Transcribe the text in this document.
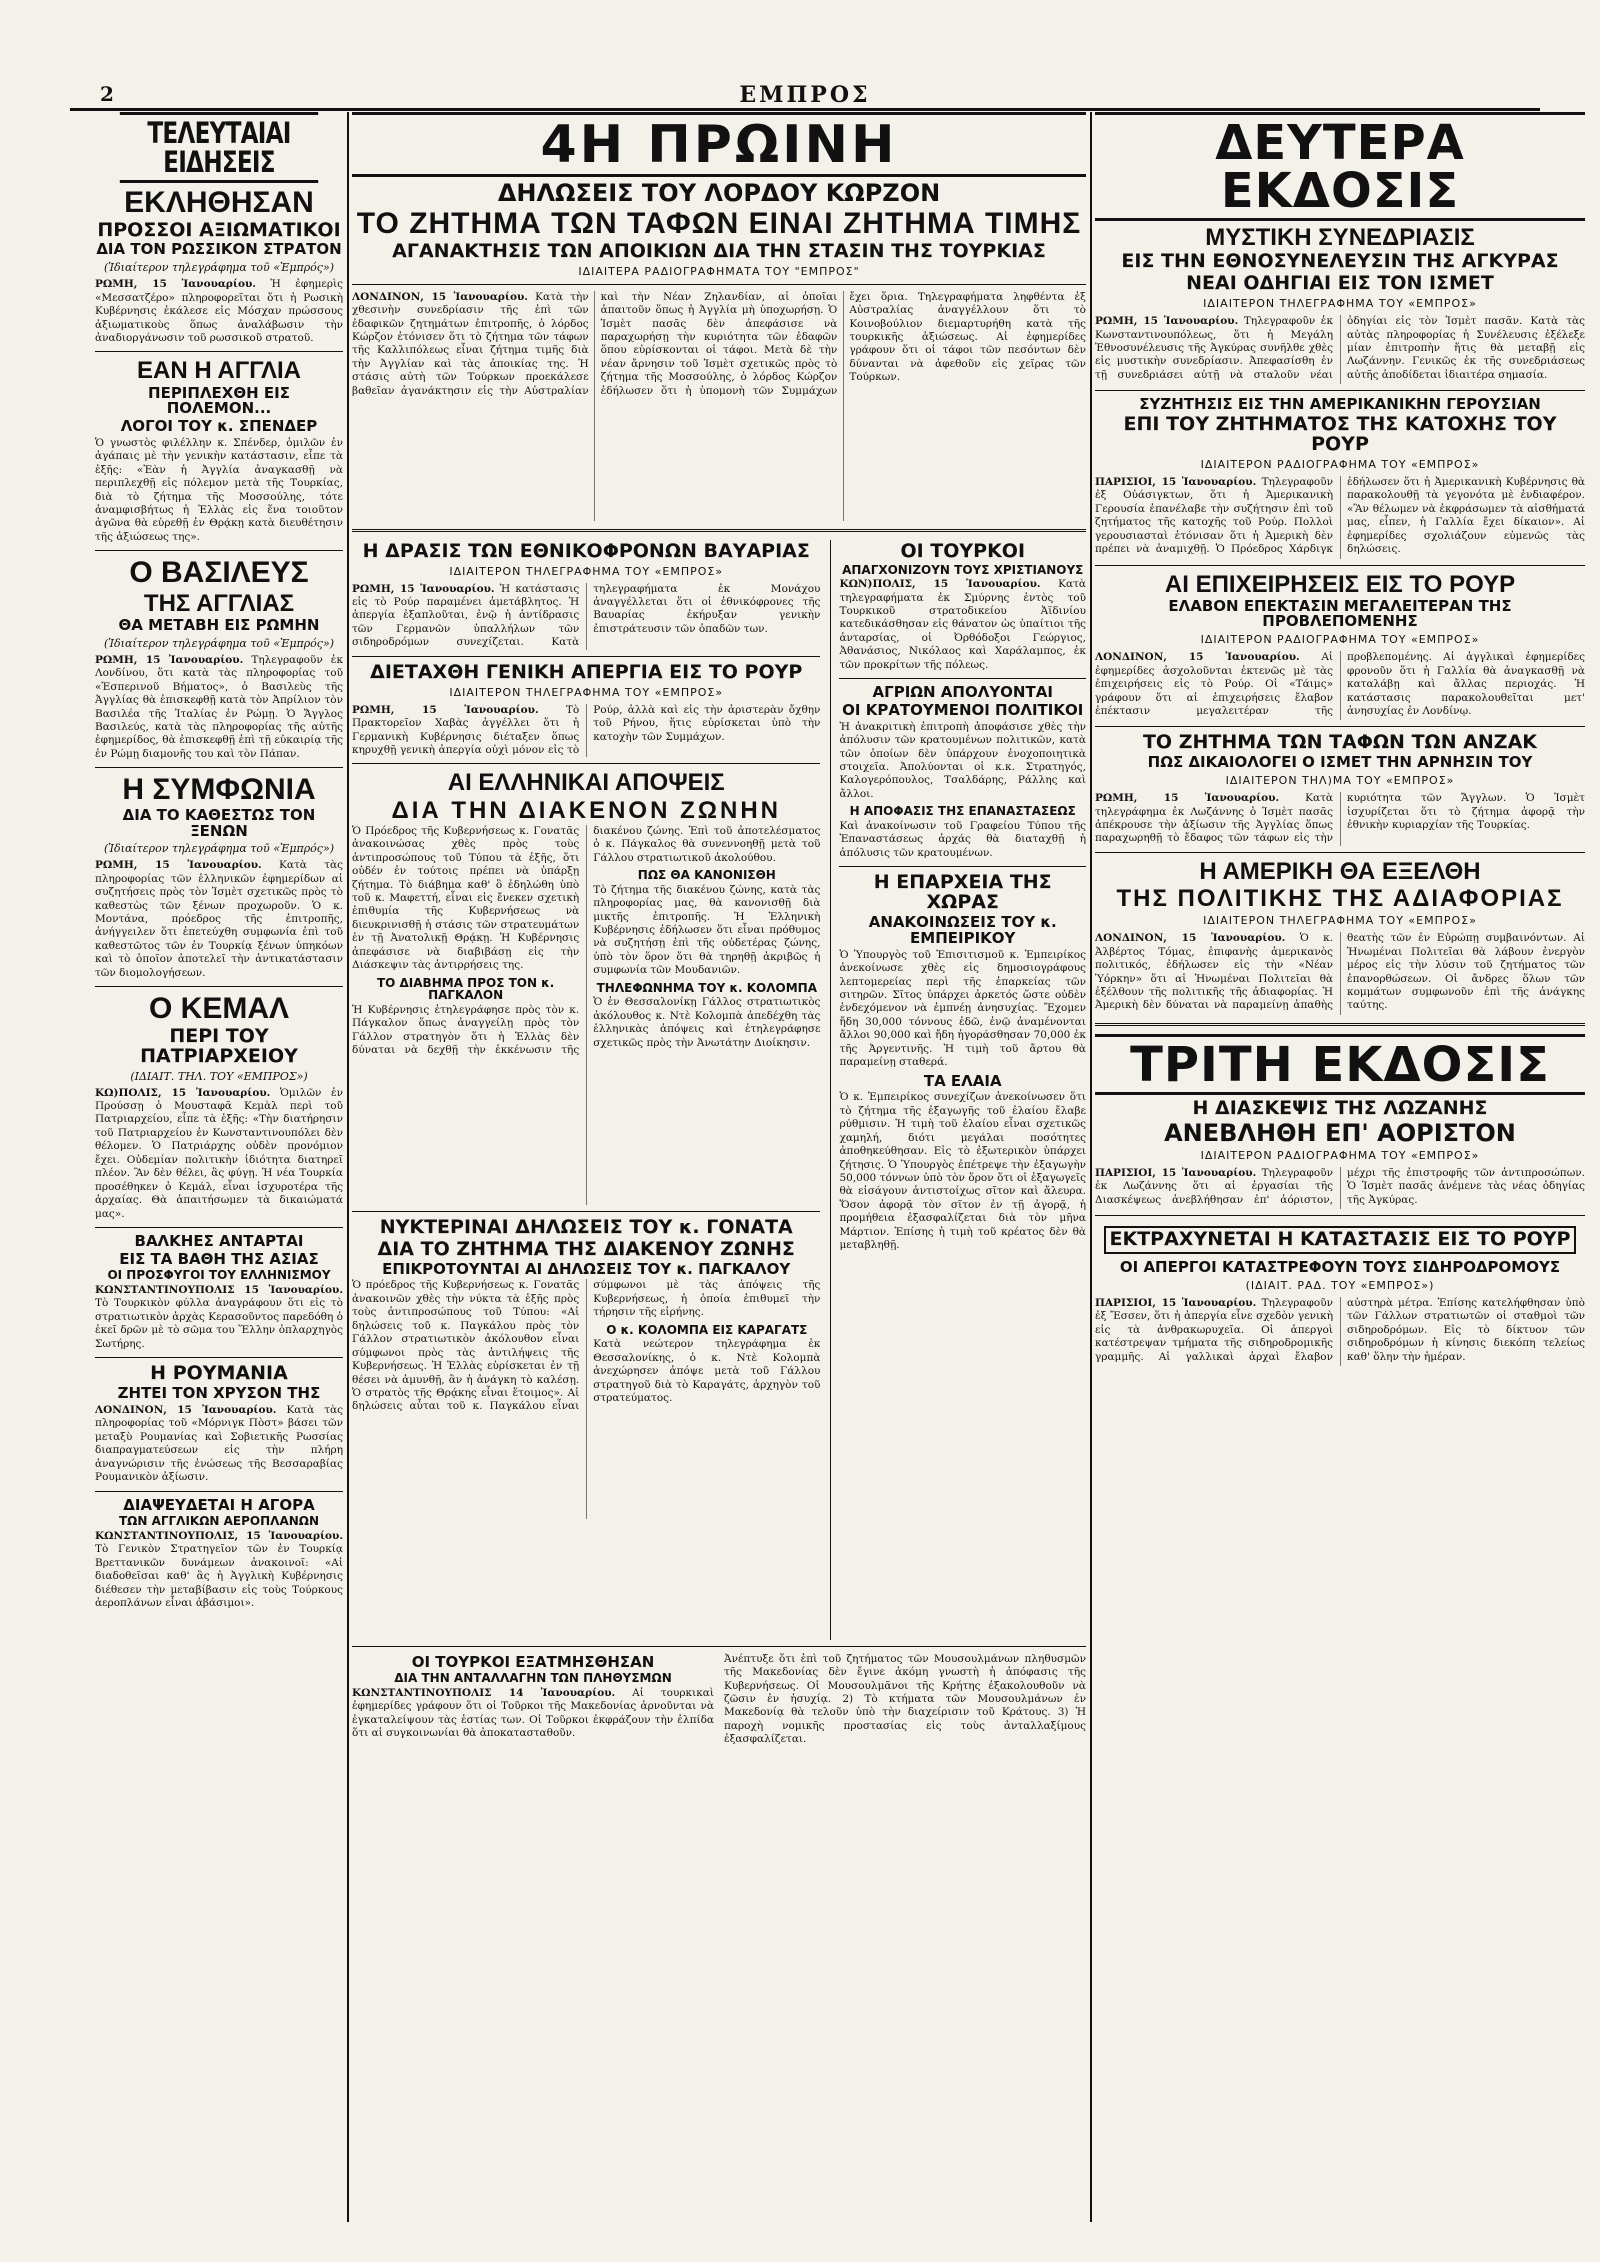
2	ΕΜΠΡΟΣ
ΤΕΛΕΥΤΑΙΑΙ ΕΙΔΗΣΕΙΣ
ΕΚΛΗΘΗΣΑΝ
ΠΡΟΣΣΟΙ ΑΞΙΩΜΑΤΙΚΟΙ
ΔΙΑ ΤΟΝ ΡΩΣΣΙΚΟΝ ΣΤΡΑΤΟΝ
(Ἰδιαίτερον τηλεγράφημα τοῦ «Ἐμπρός»)

ΡΩΜΗ, 15 Ἰανουαρίου. Ἡ ἐφημερὶς «Μεσσατζέρο» πληροφορεῖται ὅτι ἡ Ρωσικὴ Κυβέρνησις ἐκάλεσε εἰς Μόσχαν πρώσσους ἀξιωματικοὺς ὅπως ἀναλάβωσιν τὴν ἀναδιοργάνωσιν τοῦ ρωσσικοῦ στρατοῦ.

ΕΑΝ Η ΑΓΓΛΙΑ
ΠΕΡΙΠΛΕΧΘΗ ΕΙΣ ΠΟΛΕΜΟΝ...
ΛΟΓΟΙ ΤΟΥ κ. ΣΠΕΝΔΕΡ

Ὁ γνωστὸς φιλέλλην κ. Σπένδερ, ὁμιλῶν ἐν ἀγάπαις μὲ τὴν γενικὴν κατάστασιν, εἶπε τὰ ἑξῆς: «Ἐὰν ἡ Ἀγγλία ἀναγκασθῇ νὰ περιπλεχθῇ εἰς πόλεμον μετὰ τῆς Τουρκίας, διὰ τὸ ζήτημα τῆς Μοσσούλης, τότε ἀναμφισβήτως ἡ Ἑλλὰς εἰς ἕνα τοιοῦτον ἀγῶνα θὰ εὑρεθῇ ἐν Θρᾴκῃ κατὰ διευθέτησιν τῆς ἀξιώσεως της».

Ο ΒΑΣΙΛΕΥΣ
ΤΗΣ ΑΓΓΛΙΑΣ
ΘΑ ΜΕΤΑΒΗ ΕΙΣ ΡΩΜΗΝ
(Ἰδιαίτερον τηλεγράφημα τοῦ «Ἐμπρός»)

ΡΩΜΗ, 15 Ἰανουαρίου. Τηλεγραφοῦν ἐκ Λονδίνου, ὅτι κατὰ τὰς πληροφορίας τοῦ «Ἐσπερινοῦ Βήματος», ὁ Βασιλεὺς τῆς Ἀγγλίας θὰ ἐπισκεφθῇ κατὰ τὸν Ἀπρίλιον τὸν Βασιλέα τῆς Ἰταλίας ἐν Ρώμῃ. Ὁ Ἄγγλος Βασιλεύς, κατὰ τὰς πληροφορίας τῆς αὐτῆς ἐφημερίδος, θὰ ἐπισκεφθῇ ἐπὶ τῇ εὐκαιρίᾳ τῆς ἐν Ρώμῃ διαμονῆς του καὶ τὸν Πάπαν.

Η ΣΥΜΦΩΝΙΑ
ΔΙΑ ΤΟ ΚΑΘΕΣΤΩΣ ΤΟΝ ΞΕΝΩΝ
(Ἰδιαίτερον τηλεγράφημα τοῦ «Ἐμπρός»)

ΡΩΜΗ, 15 Ἰανουαρίου. Κατὰ τὰς πληροφορίας τῶν ἑλληνικῶν ἐφημερίδων αἱ συζητήσεις πρὸς τὸν Ἰσμὲτ σχετικῶς πρὸς τὸ καθεστὼς τῶν ξένων προχωροῦν. Ὁ κ. Μοντάνα, πρόεδρος τῆς ἐπιτροπῆς, ἀνήγγειλεν ὅτι ἐπετεύχθη συμφωνία ἐπὶ τοῦ καθεστῶτος τῶν ἐν Τουρκίᾳ ξένων ὑπηκόων καὶ τὸ ὁποῖον ἀποτελεῖ τὴν ἀντικατάστασιν τῶν διομολογήσεων.

Ο ΚΕΜΑΛ
ΠΕΡΙ ΤΟΥ ΠΑΤΡΙΑΡΧΕΙΟΥ
(ΙΔΙΑΙΤ. ΤΗΛ. ΤΟΥ «ΕΜΠΡΟΣ»)

ΚΩ)ΠΟΛΙΣ, 15 Ἰανουαρίου. Ὁμιλῶν ἐν Προύσσῃ ὁ Μουσταφᾶ Κεμὰλ περὶ τοῦ Πατριαρχείου, εἶπε τὰ ἑξῆς: «Τὴν διατήρησιν τοῦ Πατριαρχείου ἐν Κωνσταντινουπόλει δὲν θέλομεν. Ὁ Πατριάρχης οὐδὲν προνόμιον ἔχει. Οὐδεμίαν πολιτικὴν ἰδιότητα διατηρεῖ πλέον. Ἂν δὲν θέλει, ἃς φύγῃ. Ἡ νέα Τουρκία προσέθηκεν ὁ Κεμάλ, εἶναι ἰσχυροτέρα τῆς ἀρχαίας. Θὰ ἀπαιτήσωμεν τὰ δικαιώματά μας».

ΒΑΛΚΗΕΣ ΑΝΤΑΡΤΑΙ
ΕΙΣ ΤΑ ΒΑΘΗ ΤΗΣ ΑΣΙΑΣ
ΟΙ ΠΡΟΣΦΥΓΟΙ ΤΟΥ ΕΛΛΗΝΙΣΜΟΥ

ΚΩΝΣΤΑΝΤΙΝΟΥΠΟΛΙΣ 15 Ἰανουαρίου. Τὸ Τουρκικὸν φύλλα ἀναγράφουν ὅτι εἰς τὸ στρατιωτικὸν ἀρχὰς Κερασοῦντος παρεδόθη ὁ ἐκεῖ δρῶν μὲ τὸ σῶμα του Ἕλλην ὁπλαρχηγὸς Σωτήρης.

Η ΡΟΥΜΑΝΙΑ
ΖΗΤΕΙ ΤΟΝ ΧΡΥΣΟΝ ΤΗΣ

ΛΟΝΔΙΝΟΝ, 15 Ἰανουαρίου. Κατὰ τὰς πληροφορίας τοῦ «Μόρνιγκ Πὸστ» βάσει τῶν μεταξὺ Ρουμανίας καὶ Σοβιετικῆς Ρωσσίας διαπραγματεύσεων εἰς τὴν πλήρη ἀναγνώρισιν τῆς ἐνώσεως τῆς Βεσσαραβίας Ρουμανικὸν ἀξίωσιν.

ΔΙΑΨΕΥΔΕΤΑΙ Η ΑΓΟΡΑ
ΤΩΝ ΑΓΓΛΙΚΩΝ ΑΕΡΟΠΛΑΝΩΝ

ΚΩΝΣΤΑΝΤΙΝΟΥΠΟΛΙΣ, 15 Ἰανουαρίου. Τὸ Γενικὸν Στρατηγεῖον τῶν ἐν Τουρκίᾳ Βρεττανικῶν δυνάμεων ἀνακοινοῖ: «Αἱ διαδοθεῖσαι καθ' ἃς ἡ Ἀγγλικὴ Κυβέρνησις διέθεσεν τὴν μεταβίβασιν εἰς τοὺς Τούρκους ἀεροπλάνων εἶναι ἀβάσιμοι».

4Η ΠΡΩΙΝΗ
ΔΗΛΩΣΕΙΣ ΤΟΥ ΛΟΡΔΟΥ ΚΩΡΖΟΝ
ΤΟ ΖΗΤΗΜΑ ΤΩΝ ΤΑΦΩΝ ΕΙΝΑΙ ΖΗΤΗΜΑ ΤΙΜΗΣ
ΑΓΑΝΑΚΤΗΣΙΣ ΤΩΝ ΑΠΟΙΚΙΩΝ ΔΙΑ ΤΗΝ ΣΤΑΣΙΝ ΤΗΣ ΤΟΥΡΚΙΑΣ
ΙΔΙΑΙΤΕΡΑ ΡΑΔΙΟΓΡΑΦΗΜΑΤΑ ΤΟΥ "ΕΜΠΡΟΣ"

ΛΟΝΔΙΝΟΝ, 15 Ἰανουαρίου. Κατὰ τὴν χθεσινὴν συνεδρίασιν τῆς ἐπὶ τῶν ἐδαφικῶν ζητημάτων ἐπιτροπῆς, ὁ λόρδος Κώρζον ἐτόνισεν ὅτι τὸ ζήτημα τῶν τάφων τῆς Καλλιπόλεως εἶναι ζήτημα τιμῆς διὰ τὴν Ἀγγλίαν καὶ τὰς ἀποικίας της. Ἡ στάσις αὐτὴ τῶν Τούρκων προεκάλεσε βαθεῖαν ἀγανάκτησιν εἰς τὴν Αὐστραλίαν καὶ τὴν Νέαν Ζηλανδίαν, αἱ ὁποῖαι ἀπαιτοῦν ὅπως ἡ Ἀγγλία μὴ ὑποχωρήσῃ. Ὁ Ἰσμὲτ πασᾶς δὲν ἀπεφάσισε νὰ παραχωρήσῃ τὴν κυριότητα τῶν ἐδαφῶν ὅπου εὑρίσκονται οἱ τάφοι. Μετὰ δὲ τὴν νέαν ἄρνησιν τοῦ Ἰσμὲτ σχετικῶς πρὸς τὸ ζήτημα τῆς Μοσσούλης, ὁ λόρδος Κώρζον ἐδήλωσεν ὅτι ἡ ὑπομονὴ τῶν Συμμάχων ἔχει ὅρια. Τηλεγραφήματα ληφθέντα ἐξ Αὐστραλίας ἀναγγέλλουν ὅτι τὸ Κοινοβούλιον διεμαρτυρήθη κατὰ τῆς τουρκικῆς ἀξιώσεως. Αἱ ἐφημερίδες γράφουν ὅτι οἱ τάφοι τῶν πεσόντων δὲν δύνανται νὰ ἀφεθοῦν εἰς χεῖρας τῶν Τούρκων.

Η ΔΡΑΣΙΣ ΤΩΝ ΕΘΝΙΚΟΦΡΟΝΩΝ ΒΑΥΑΡΙΑΣ
ΙΔΙΑΙΤΕΡΟΝ ΤΗΛΕΓΡΑΦΗΜΑ ΤΟΥ «ΕΜΠΡΟΣ»

ΡΩΜΗ, 15 Ἰανουαρίου. Ἡ κατάστασις εἰς τὸ Ρούρ παραμένει ἀμετάβλητος. Ἡ ἀπεργία ἐξαπλοῦται, ἐνῷ ἡ ἀντίδρασις τῶν Γερμανῶν ὑπαλλήλων τῶν σιδηροδρόμων συνεχίζεται. Κατὰ τηλεγραφήματα ἐκ Μονάχου ἀναγγέλλεται ὅτι οἱ ἐθνικόφρονες τῆς Βαυαρίας ἐκήρυξαν γενικὴν ἐπιστράτευσιν τῶν ὀπαδῶν των.

ΔΙΕΤΑΧΘΗ ΓΕΝΙΚΗ ΑΠΕΡΓΙΑ ΕΙΣ ΤΟ ΡΟΥΡ
ΙΔΙΑΙΤΕΡΟΝ ΤΗΛΕΓΡΑΦΗΜΑ ΤΟΥ «ΕΜΠΡΟΣ»

ΡΩΜΗ, 15 Ἰανουαρίου.	Τὸ Πρακτορεῖον Χαβὰς ἀγγέλλει ὅτι ἡ Γερμανικὴ Κυβέρνησις διέταξεν ὅπως κηρυχθῇ γενικὴ ἀπεργία οὐχὶ μόνον εἰς τὸ Ρούρ, ἀλλὰ καὶ εἰς τὴν ἀριστερὰν ὄχθην τοῦ Ρήνου, ἥτις εὑρίσκεται ὑπὸ τὴν κατοχὴν τῶν Συμμάχων.

ΑΙ ΕΛΛΗΝΙΚΑΙ ΑΠΟΨΕΙΣ
ΔΙΑ ΤΗΝ ΔΙΑΚΕΝΟΝ ΖΩΝΗΝ

Ὁ Πρόεδρος τῆς Κυβερνήσεως κ. Γονατᾶς ἀνακοινώσας χθὲς πρὸς τοὺς ἀντιπροσώπους τοῦ Τύπου τὰ ἐξῆς, ὅτι οὐδέν ἐν τούτοις πρέπει νὰ ὑπάρξῃ ζήτημα. Τὸ διάβημα καθ' ὃ ἐδηλώθη ὑπὸ τοῦ κ. Μαφεττή, εἶναι εἰς ἔνεκεν σχετικὴ ἐπιθυμία τῆς Κυβερνήσεως νὰ διευκρινισθῇ ἡ στάσις τῶν στρατευμάτων ἐν τῇ Ἀνατολικῇ Θρᾴκῃ. Ἡ Κυβέρνησις ἀπεφάσισε νὰ διαβιβάσῃ εἰς τὴν Διάσκεψιν τὰς ἀντιρρήσεις της.

ΤΟ ΔΙΑΒΗΜΑ ΠΡΟΣ ΤΟΝ κ. ΠΑΓΚΑΛΟΝ

Ἡ Κυβέρνησις ἐτηλεγράφησε πρὸς τὸν κ. Πάγκαλον ὅπως ἀναγγείλῃ πρὸς τὸν Γάλλον στρατηγὸν ὅτι ἡ Ἑλλὰς δὲν δύναται νὰ δεχθῇ τὴν ἐκκένωσιν τῆς διακένου ζώνης. Ἐπὶ τοῦ ἀποτελέσματος ὁ κ. Πάγκαλος θὰ συνεννοηθῇ μετὰ τοῦ Γάλλου στρατιωτικοῦ ἀκολούθου.

ΠΩΣ ΘΑ ΚΑΝΟΝΙΣΘΗ

Τὸ ζήτημα τῆς διακένου ζώνης, κατὰ τὰς πληροφορίας μας, θὰ κανονισθῇ διὰ μικτῆς ἐπιτροπῆς. Ἡ Ἑλληνικὴ Κυβέρνησις ἐδήλωσεν ὅτι εἶναι πρόθυμος νὰ συζητήσῃ ἐπὶ τῆς οὐδετέρας ζώνης, ὑπὸ τὸν ὅρον ὅτι θὰ τηρηθῇ ἀκριβῶς ἡ συμφωνία τῶν Μουδανιῶν.

ΤΗΛΕΦΩΝΗΜΑ ΤΟΥ κ. ΚΟΛΟΜΠΑ

Ὁ ἐν Θεσσαλονίκῃ Γάλλος στρατιωτικὸς ἀκόλουθος κ. Ντὲ Κολομπὰ ἀπεδέχθη τὰς ἑλληνικὰς ἀπόψεις καὶ ἐτηλεγράφησε σχετικῶς πρὸς τὴν Ἀνωτάτην Διοίκησιν.

ΝΥΚΤΕΡΙΝΑΙ ΔΗΛΩΣΕΙΣ ΤΟΥ κ. ΓΟΝΑΤΑ
ΔΙΑ ΤΟ ΖΗΤΗΜΑ ΤΗΣ ΔΙΑΚΕΝΟΥ ΖΩΝΗΣ
ΕΠΙΚΡΟΤΟΥΝΤΑΙ ΑΙ ΔΗΛΩΣΕΙΣ ΤΟΥ κ. ΠΑΓΚΑΛΟΥ

Ὁ πρόεδρος τῆς Κυβερνήσεως κ. Γονατᾶς ἀνακοινῶν χθὲς τὴν νύκτα τὰ ἑξῆς πρὸς τοὺς ἀντιπροσώπους τοῦ Τύπου: «Αἱ δηλώσεις τοῦ κ. Παγκάλου πρὸς τὸν Γάλλον στρατιωτικὸν ἀκόλουθον εἶναι σύμφωνοι πρὸς τὰς ἀντιλήψεις τῆς Κυβερνήσεως. Ἡ Ἑλλὰς εὑρίσκεται ἐν τῇ θέσει νὰ ἀμυνθῇ, ἂν ἡ ἀνάγκη τὸ καλέσῃ. Ὁ στρατὸς τῆς Θρᾴκης εἶναι ἕτοιμος». Αἱ δηλώσεις αὗται τοῦ κ. Παγκάλου εἶναι σύμφωνοι μὲ τὰς ἀπόψεις τῆς Κυβερνήσεως, ἡ ὁποία ἐπιθυμεῖ τὴν τήρησιν τῆς εἰρήνης.

Ο κ. ΚΟΛΟΜΠΑ ΕΙΣ ΚΑΡΑΓΑΤΣ

Κατὰ νεώτερον τηλεγράφημα ἐκ Θεσσαλονίκης, ὁ κ. Ντὲ Κολομπὰ ἀνεχώρησεν ἀπόψε μετὰ τοῦ Γάλλου στρατηγοῦ διὰ τὸ Καραγάτς, ἀρχηγὸν τοῦ στρατεύματος.

ΟΙ ΤΟΥΡΚΟΙ
ΑΠΑΓΧΟΝΙΖΟΥΝ ΤΟΥΣ ΧΡΙΣΤΙΑΝΟΥΣ

ΚΩΝ)ΠΟΛΙΣ, 15 Ἰανουαρίου. Κατὰ τηλεγραφήματα ἐκ Σμύρνης ἐντὸς τοῦ Τουρκικοῦ στρατοδικείου Ἀϊδινίου κατεδικάσθησαν εἰς θάνατον ὡς ὑπαίτιοι τῆς ἀνταρσίας, οἱ Ὀρθόδοξοι Γεώργιος, Ἀθανάσιος, Νικόλαος καὶ Χαράλαμπος, ἐκ τῶν προκρίτων τῆς πόλεως.

ΑΓΡΙΩΝ ΑΠΟΛΥΟΝΤΑΙ
ΟΙ ΚΡΑΤΟΥΜΕΝΟΙ ΠΟΛΙΤΙΚΟΙ

Ἡ ἀνακριτικὴ ἐπιτροπὴ ἀποφάσισε χθὲς τὴν ἀπόλυσιν τῶν κρατουμένων πολιτικῶν, κατὰ τῶν ὁποίων δὲν ὑπάρχουν ἐνοχοποιητικὰ στοιχεῖα. Ἀπολύονται οἱ κ.κ. Στρατηγός, Καλογερόπουλος, Τσαλδάρης, Ράλλης καὶ ἄλλοι.

Η ΑΠΟΦΑΣΙΣ ΤΗΣ ΕΠΑΝΑΣΤΑΣΕΩΣ

Καὶ ἀνακοίνωσιν τοῦ Γραφείου Τύπου τῆς Ἐπαναστάσεως ἀρχάς θὰ διαταχθῇ ἡ ἀπόλυσις τῶν κρατουμένων.

Η ΕΠΑΡΧΕΙΑ ΤΗΣ ΧΩΡΑΣ
ΑΝΑΚΟΙΝΩΣΕΙΣ ΤΟΥ κ. ΕΜΠΕΙΡΙΚΟΥ

Ὁ Ὑπουργὸς τοῦ Ἐπισιτισμοῦ κ. Ἐμπειρίκος ἀνεκοίνωσε χθὲς εἰς δημοσιογράφους λεπτομερείας περὶ τῆς ἐπαρκείας τῶν σιτηρῶν. Σῖτος ὑπάρχει ἀρκετός ὥστε οὐδὲν ἐνδεχόμενον νὰ ἐμπνέῃ ἀνησυχίας. Ἔχομεν ἤδη 30,000 τόννους ἐδῶ, ἐνῷ ἀναμένονται ἄλλοι 90,000 καὶ ἤδη ἠγοράσθησαν 70,000 ἐκ τῆς Ἀργεντινῆς. Ἡ τιμὴ τοῦ ἄρτου θὰ παραμείνῃ σταθερά.

ΤΑ ΕΛΑΙΑ

Ὁ κ. Ἐμπειρίκος συνεχίζων ἀνεκοίνωσεν ὅτι τὸ ζήτημα τῆς ἐξαγωγῆς τοῦ ἐλαίου ἔλαβε ρύθμισιν. Ἡ τιμὴ τοῦ ἐλαίου εἶναι σχετικῶς χαμηλή, διότι μεγάλαι ποσότητες ἀποθηκεύθησαν. Εἰς τὸ ἐξωτερικὸν ὑπάρχει ζήτησις. Ὁ Ὑπουργὸς ἐπέτρεψε τὴν ἐξαγωγὴν 50,000 τόννων ὑπὸ τὸν ὅρον ὅτι οἱ ἐξαγωγεῖς θὰ εἰσάγουν ἀντιστοίχως σῖτον καὶ ἄλευρα. Ὅσον ἀφορᾷ τὸν σῖτον ἐν τῇ ἀγορᾷ, ἡ προμήθεια ἐξασφαλίζεται διὰ τὸν μῆνα Μάρτιον. Ἐπίσης ἡ τιμὴ τοῦ κρέατος δὲν θὰ μεταβληθῇ.

ΟΙ ΤΟΥΡΚΟΙ ΕΞΑΤΜΗΣΘΗΣΑΝ
ΔΙΑ ΤΗΝ ΑΝΤΑΛΛΑΓΗΝ ΤΩΝ ΠΛΗΘΥΣΜΩΝ

ΚΩΝΣΤΑΝΤΙΝΟΥΠΟΛΙΣ 14 Ἰανουαρίου. Αἱ τουρκικαὶ ἐφημερίδες γράφουν ὅτι οἱ Τοῦρκοι τῆς Μακεδονίας ἀρνοῦνται νὰ ἐγκαταλείψουν τὰς ἑστίας των. Οἱ Τοῦρκοι ἐκφράζουν τὴν ἐλπίδα ὅτι αἱ συγκοινωνίαι θὰ ἀποκατασταθοῦν.

Ἀνέπτυξε ὅτι ἐπὶ τοῦ ζητήματος τῶν Μουσουλμάνων πληθυσμῶν τῆς Μακεδονίας δὲν ἔγινε ἀκόμη γνωστὴ ἡ ἀπόφασις τῆς Κυβερνήσεως. Οἱ Μουσουλμᾶνοι τῆς Κρήτης ἐξακολουθοῦν νὰ ζῶσιν ἐν ἡσυχίᾳ. 2) Τὸ κτήματα τῶν Μουσουλμάνων ἐν Μακεδονίᾳ θὰ τελοῦν ὑπὸ τὴν διαχείρισιν τοῦ Κράτους. 3) Ἡ παροχὴ νομικῆς προστασίας εἰς τοὺς ἀνταλλαξίμους ἐξασφαλίζεται.

ΔΕΥΤΕΡΑ ΕΚΔΟΣΙΣ
ΜΥΣΤΙΚΗ ΣΥΝΕΔΡΙΑΣΙΣ
ΕΙΣ ΤΗΝ ΕΘΝΟΣΥΝΕΛΕΥΣΙΝ ΤΗΣ ΑΓΚΥΡΑΣ
ΝΕΑΙ ΟΔΗΓΙΑΙ ΕΙΣ ΤΟΝ ΙΣΜΕΤ
ΙΔΙΑΙΤΕΡΟΝ ΤΗΛΕΓΡΑΦΗΜΑ ΤΟΥ «ΕΜΠΡΟΣ»

ΡΩΜΗ, 15 Ἰανουαρίου. Τηλεγραφοῦν ἐκ Κωνσταντινουπόλεως, ὅτι ἡ Μεγάλη Ἐθνοσυνέλευσις τῆς Ἀγκύρας συνῆλθε χθὲς εἰς μυστικὴν συνεδρίασιν. Ἀπεφασίσθη ἐν τῇ συνεδριάσει αὐτῇ νὰ σταλοῦν νέαι ὁδηγίαι εἰς τὸν Ἰσμὲτ πασᾶν. Κατὰ τὰς αὐτὰς πληροφορίας ἡ Συνέλευσις ἐξέλεξε μίαν ἐπιτροπὴν ἥτις θὰ μεταβῇ εἰς Λωζάννην. Γενικῶς ἐκ τῆς συνεδριάσεως αὐτῆς ἀποδίδεται ἰδιαιτέρα σημασία.

ΣΥΖΗΤΗΣΙΣ ΕΙΣ ΤΗΝ ΑΜΕΡΙΚΑΝΙΚΗΝ ΓΕΡΟΥΣΙΑΝ
ΕΠΙ ΤΟΥ ΖΗΤΗΜΑΤΟΣ ΤΗΣ ΚΑΤΟΧΗΣ ΤΟΥ ΡΟΥΡ
ΙΔΙΑΙΤΕΡΟΝ ΡΑΔΙΟΓΡΑΦΗΜΑ ΤΟΥ «ΕΜΠΡΟΣ»

ΠΑΡΙΣΙΟΙ, 15 Ἰανουαρίου. Τηλεγραφοῦν ἐξ Οὐάσιγκτων, ὅτι ἡ Ἀμερικανικὴ Γερουσία ἐπανέλαβε τὴν συζήτησιν ἐπὶ τοῦ ζητήματος τῆς κατοχῆς τοῦ Ρούρ. Πολλοὶ γερουσιασταὶ ἐτόνισαν ὅτι ἡ Ἀμερικὴ δὲν πρέπει νὰ ἀναμιχθῇ. Ὁ Πρόεδρος Χάρδιγκ ἐδήλωσεν ὅτι ἡ Ἀμερικανικὴ Κυβέρνησις θὰ παρακολουθῇ τὰ γεγονότα μὲ ἐνδιαφέρον. «Ἂν θέλωμεν νὰ ἐκφράσωμεν τὰ αἰσθήματά μας, εἶπεν, ἡ Γαλλία ἔχει δίκαιον». Αἱ ἐφημερίδες σχολιάζουν εὐμενῶς τὰς δηλώσεις.

ΑΙ ΕΠΙΧΕΙΡΗΣΕΙΣ ΕΙΣ ΤΟ ΡΟΥΡ
ΕΛΑΒΟΝ ΕΠΕΚΤΑΣΙΝ ΜΕΓΑΛΕΙΤΕΡΑΝ ΤΗΣ ΠΡΟΒΛΕΠΟΜΕΝΗΣ
ΙΔΙΑΙΤΕΡΟΝ ΡΑΔΙΟΓΡΑΦΗΜΑ ΤΟΥ «ΕΜΠΡΟΣ»

ΛΟΝΔΙΝΟΝ, 15 Ἰανουαρίου. Αἱ ἐφημερίδες ἀσχολοῦνται ἐκτενῶς μὲ τὰς ἐπιχειρήσεις εἰς τὸ Ρούρ. Οἱ «Τάιμς» γράφουν ὅτι αἱ ἐπιχειρήσεις ἔλαβον ἐπέκτασιν μεγαλειτέραν τῆς προβλεπομένης. Αἱ ἀγγλικαὶ ἐφημερίδες φρονοῦν ὅτι ἡ Γαλλία θὰ ἀναγκασθῇ νὰ καταλάβῃ καὶ ἄλλας περιοχάς. Ἡ κατάστασις παρακολουθεῖται μετ' ἀνησυχίας ἐν Λονδίνῳ.

ΤΟ ΖΗΤΗΜΑ ΤΩΝ ΤΑΦΩΝ ΤΩΝ ΑΝΖΑΚ
ΠΩΣ ΔΙΚΑΙΟΛΟΓΕΙ Ο ΙΣΜΕΤ ΤΗΝ ΑΡΝΗΣΙΝ ΤΟΥ
ΙΔΙΑΙΤΕΡΟΝ ΤΗΛ)ΜΑ ΤΟΥ «ΕΜΠΡΟΣ»

ΡΩΜΗ, 15 Ἰανουαρίου. Κατὰ τηλεγράφημα ἐκ Λωζάννης ὁ Ἰσμὲτ πασᾶς ἀπέκρουσε τὴν ἀξίωσιν τῆς Ἀγγλίας ὅπως παραχωρηθῇ τὸ ἔδαφος τῶν τάφων εἰς τὴν κυριότητα τῶν Ἄγγλων. Ὁ Ἰσμὲτ ἰσχυρίζεται ὅτι τὸ ζήτημα ἀφορᾷ τὴν ἐθνικὴν κυριαρχίαν τῆς Τουρκίας.

Η ΑΜΕΡΙΚΗ ΘΑ ΕΞΕΛΘΗ
ΤΗΣ ΠΟΛΙΤΙΚΗΣ ΤΗΣ ΑΔΙΑΦΟΡΙΑΣ
ΙΔΙΑΙΤΕΡΟΝ ΤΗΛΕΓΡΑΦΗΜΑ ΤΟΥ «ΕΜΠΡΟΣ»

ΛΟΝΔΙΝΟΝ, 15 Ἰανουαρίου. Ὁ κ. Ἀλβέρτος Τόμας, ἐπιφανὴς ἀμερικανὸς πολιτικός, ἐδήλωσεν εἰς τὴν «Νέαν Ὑόρκην» ὅτι αἱ Ἡνωμέναι Πολιτεῖαι θὰ ἐξέλθουν τῆς πολιτικῆς τῆς ἀδιαφορίας. Ἡ Ἀμερικὴ δὲν δύναται νὰ παραμείνῃ ἀπαθὴς θεατὴς τῶν ἐν Εὐρώπῃ συμβαινόντων. Αἱ Ἡνωμέναι Πολιτεῖαι θὰ λάβουν ἐνεργὸν μέρος εἰς τὴν λύσιν τοῦ ζητήματος τῶν ἐπανορθώσεων. Οἱ ἄνδρες ὅλων τῶν κομμάτων συμφωνοῦν ἐπὶ τῆς ἀνάγκης ταύτης.

ΤΡΙΤΗ ΕΚΔΟΣΙΣ
Η ΔΙΑΣΚΕΨΙΣ ΤΗΣ ΛΩΖΑΝΗΣ
ΑΝΕΒΛΗΘΗ ΕΠ' ΑΟΡΙΣΤΟΝ
ΙΔΙΑΙΤΕΡΟΝ ΡΑΔΙΟΓΡΑΦΗΜΑ ΤΟΥ «ΕΜΠΡΟΣ»

ΠΑΡΙΣΙΟΙ, 15 Ἰανουαρίου. Τηλεγραφοῦν ἐκ Λωζάννης ὅτι αἱ ἐργασίαι τῆς Διασκέψεως ἀνεβλήθησαν ἐπ' ἀόριστον, μέχρι τῆς ἐπιστροφῆς τῶν ἀντιπροσώπων. Ὁ Ἰσμὲτ πασᾶς ἀνέμενε τὰς νέας ὁδηγίας τῆς Ἀγκύρας.

ΕΚΤΡΑΧΥΝΕΤΑΙ Η ΚΑΤΑΣΤΑΣΙΣ ΕΙΣ ΤΟ ΡΟΥΡ
ΟΙ ΑΠΕΡΓΟΙ ΚΑΤΑΣΤΡΕΦΟΥΝ ΤΟΥΣ ΣΙΔΗΡΟΔΡΟΜΟΥΣ
(ΙΔΙΑΙΤ. ΡΑΔ. ΤΟΥ «ΕΜΠΡΟΣ»)

ΠΑΡΙΣΙΟΙ, 15 Ἰανουαρίου. Τηλεγραφοῦν ἐξ Ἔσσεν, ὅτι ἡ ἀπεργία εἶνε σχεδὸν γενικὴ εἰς τὰ ἀνθρακωρυχεῖα. Οἱ ἀπεργοὶ κατέστρεψαν τμήματα τῆς σιδηροδρομικῆς γραμμῆς. Αἱ γαλλικαὶ ἀρχαὶ ἔλαβον αὐστηρὰ μέτρα. Ἐπίσης κατελήφθησαν ὑπὸ τῶν Γάλλων στρατιωτῶν οἱ σταθμοὶ τῶν σιδηροδρόμων. Εἰς τὸ δίκτυον τῶν σιδηροδρόμων ἡ κίνησις διεκόπη τελείως καθ' ὅλην τὴν ἡμέραν.
